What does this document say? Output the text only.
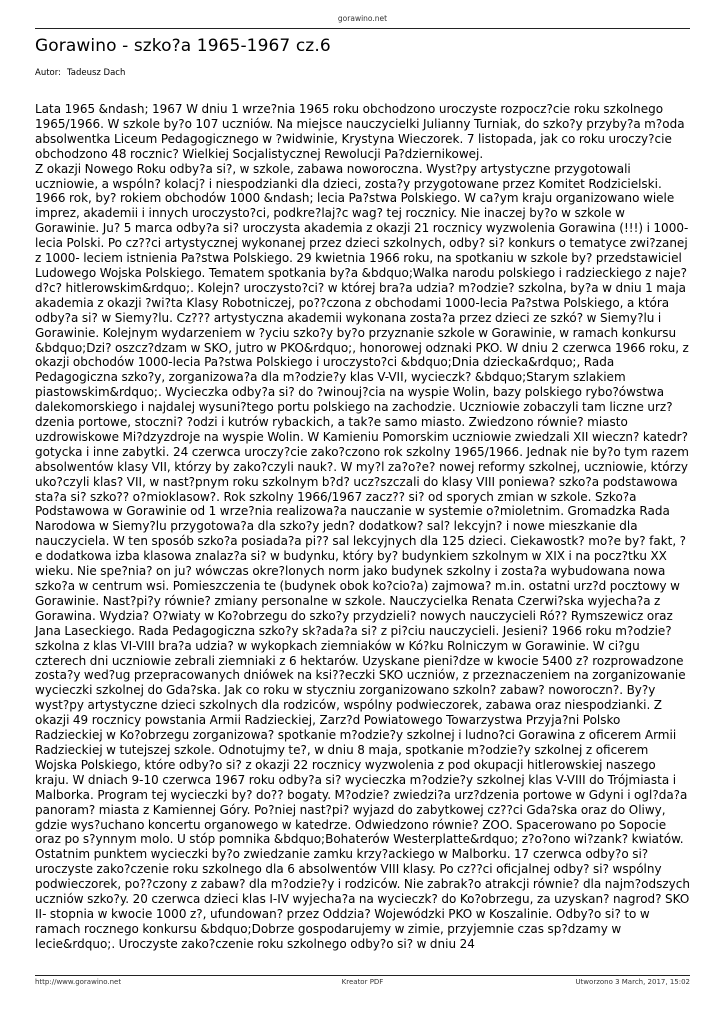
gorawino.net
Gorawino - szko?a 1965-1967 cz.6
Autor: Tadeusz Dach

Lata 1965 &ndash; 1967 W dniu 1 wrze?nia 1965 roku obchodzono uroczyste rozpocz?cie roku szkolnego 1965/1966. W szkole by?o 107 uczniów. Na miejsce nauczycielki Julianny Turniak, do szko?y przyby?a m?oda absolwentka Liceum Pedagogicznego w ?widwinie, Krystyna Wieczorek. 7 listopada, jak co roku uroczy?cie obchodzono 48 rocznic? Wielkiej Socjalistycznej Rewolucji Pa?dziernikowej.

Z okazji Nowego Roku odby?a si?, w szkole, zabawa noworoczna. Wyst?py artystyczne przygotowali uczniowie, a wspóln? kolacj? i niespodzianki dla dzieci, zosta?y przygotowane przez Komitet Rodzicielski. 1966 rok, by? rokiem obchodów 1000 &ndash; lecia Pa?stwa Polskiego. W ca?ym kraju organizowano wiele imprez, akademii i innych uroczysto?ci, podkre?laj?c wag? tej rocznicy. Nie inaczej by?o w szkole w Gorawinie. Ju? 5 marca odby?a si? uroczysta akademia z okazji 21 rocznicy wyzwolenia Gorawina (!!!) i 1000-lecia Polski. Po cz??ci artystycznej wykonanej przez dzieci szkolnych, odby? si? konkurs o tematyce zwi?zanej z 1000- leciem istnienia Pa?stwa Polskiego. 29 kwietnia 1966 roku, na spotkaniu w szkole by? przedstawiciel Ludowego Wojska Polskiego. Tematem spotkania by?a &bdquo;Walka narodu polskiego i radzieckiego z naje?d?c? hitlerowskim&rdquo;. Kolejn? uroczysto?ci? w której bra?a udzia? m?odzie? szkolna, by?a w dniu 1 maja akademia z okazji ?wi?ta Klasy Robotniczej, po??czona z obchodami 1000-lecia Pa?stwa Polskiego, a która odby?a si? w Siemy?lu. Cz??? artystyczna akademii wykonana zosta?a przez dzieci ze szkó? w Siemy?lu i Gorawinie. Kolejnym wydarzeniem w ?yciu szko?y by?o przyznanie szkole w Gorawinie, w ramach konkursu &bdquo;Dzi? oszcz?dzam w SKO, jutro w PKO&rdquo;, honorowej odznaki PKO. W dniu 2 czerwca 1966 roku, z okazji obchodów 1000-lecia Pa?stwa Polskiego i uroczysto?ci &bdquo;Dnia dziecka&rdquo;, Rada Pedagogiczna szko?y, zorganizowa?a dla m?odzie?y klas V-VII, wycieczk? &bdquo;Starym szlakiem piastowskim&rdquo;. Wycieczka odby?a si? do ?winouj?cia na wyspie Wolin, bazy polskiego rybo?ówstwa dalekomorskiego i najdalej wysuni?tego portu polskiego na zachodzie. Uczniowie zobaczyli tam liczne urz?dzenia portowe, stoczni? ?odzi i kutrów rybackich, a tak?e samo miasto. Zwiedzono równie? miasto uzdrowiskowe Mi?dzyzdroje na wyspie Wolin. W Kamieniu Pomorskim uczniowie zwiedzali XII wieczn? katedr? gotycka i inne zabytki. 24 czerwca uroczy?cie zako?czono rok szkolny 1965/1966. Jednak nie by?o tym razem absolwentów klasy VII, którzy by zako?czyli nauk?. W my?l za?o?e? nowej reformy szkolnej, uczniowie, którzy uko?czyli klas? VII, w nast?pnym roku szkolnym b?d? ucz?szczali do klasy VIII poniewa? szko?a podstawowa sta?a si? szko?? o?mioklasow?. Rok szkolny 1966/1967 zacz?? si? od sporych zmian w szkole. Szko?a Podstawowa w Gorawinie od 1 wrze?nia realizowa?a nauczanie w systemie o?mioletnim. Gromadzka Rada Narodowa w Siemy?lu przygotowa?a dla szko?y jedn? dodatkow? sal? lekcyjn? i nowe mieszkanie dla nauczyciela. W ten sposób szko?a posiada?a pi?? sal lekcyjnych dla 125 dzieci. Ciekawostk? mo?e by? fakt, ?e dodatkowa izba klasowa znalaz?a si? w budynku, który by? budynkiem szkolnym w XIX i na pocz?tku XX wieku. Nie spe?nia? on ju? wówczas okre?lonych norm jako budynek szkolny i zosta?a wybudowana nowa szko?a w centrum wsi. Pomieszczenia te (budynek obok ko?cio?a) zajmowa? m.in. ostatni urz?d pocztowy w Gorawinie. Nast?pi?y równie? zmiany personalne w szkole. Nauczycielka Renata Czerwi?ska wyjecha?a z Gorawina. Wydzia? O?wiaty w Ko?obrzegu do szko?y przydzieli? nowych nauczycieli Ró?? Rymszewicz oraz Jana Laseckiego. Rada Pedagogiczna szko?y sk?ada?a si? z pi?ciu nauczycieli. Jesieni? 1966 roku m?odzie? szkolna z klas VI-VIII bra?a udzia? w wykopkach ziemniaków w Kó?ku Rolniczym w Gorawinie. W ci?gu czterech dni uczniowie zebrali ziemniaki z 6 hektarów. Uzyskane pieni?dze w kwocie 5400 z? rozprowadzone zosta?y wed?ug przepracowanych dniówek na ksi??eczki SKO uczniów, z przeznaczeniem na zorganizowanie wycieczki szkolnej do Gda?ska. Jak co roku w styczniu zorganizowano szkoln? zabaw? noworoczn?. By?y wyst?py artystyczne dzieci szkolnych dla rodziców, wspólny podwieczorek, zabawa oraz niespodzianki. Z okazji 49 rocznicy powstania Armii Radzieckiej, Zarz?d Powiatowego Towarzystwa Przyja?ni Polsko Radzieckiej w Ko?obrzegu zorganizowa? spotkanie m?odzie?y szkolnej i ludno?ci Gorawina z oficerem Armii Radzieckiej w tutejszej szkole. Odnotujmy te?, w dniu 8 maja, spotkanie m?odzie?y szkolnej z oficerem Wojska Polskiego, które odby?o si? z okazji 22 rocznicy wyzwolenia z pod okupacji hitlerowskiej naszego kraju. W dniach 9-10 czerwca 1967 roku odby?a si? wycieczka m?odzie?y szkolnej klas V-VIII do Trójmiasta i Malborka. Program tej wycieczki by? do?? bogaty. M?odzie? zwiedzi?a urz?dzenia portowe w Gdyni i ogl?da?a panoram? miasta z Kamiennej Góry. Po?niej nast?pi? wyjazd do zabytkowej cz??ci Gda?ska oraz do Oliwy, gdzie wys?uchano koncertu organowego w katedrze. Odwiedzono równie? ZOO. Spacerowano po Sopocie oraz po s?ynnym molo. U stóp pomnika &bdquo;Bohaterów Westerplatte&rdquo; z?o?ono wi?zank? kwiatów. Ostatnim punktem wycieczki by?o zwiedzanie zamku krzy?ackiego w Malborku. 17 czerwca odby?o si? uroczyste zako?czenie roku szkolnego dla 6 absolwentów VIII klasy. Po cz??ci oficjalnej odby? si? wspólny podwieczorek, po??czony z zabaw? dla m?odzie?y i rodziców. Nie zabrak?o atrakcji równie? dla najm?odszych uczniów szko?y. 20 czerwca dzieci klas I-IV wyjecha?a na wycieczk? do Ko?obrzegu, za uzyskan? nagrod? SKO II- stopnia w kwocie 1000 z?, ufundowan? przez Oddzia? Wojewódzki PKO w Koszalinie. Odby?o si? to w ramach rocznego konkursu &bdquo;Dobrze gospodarujemy w zimie, przyjemnie czas sp?dzamy w lecie&rdquo;. Uroczyste zako?czenie roku szkolnego odby?o si? w dniu 24

http://www.gorawino.net	Kreator PDF	Utworzono 3 March, 2017, 15:02
